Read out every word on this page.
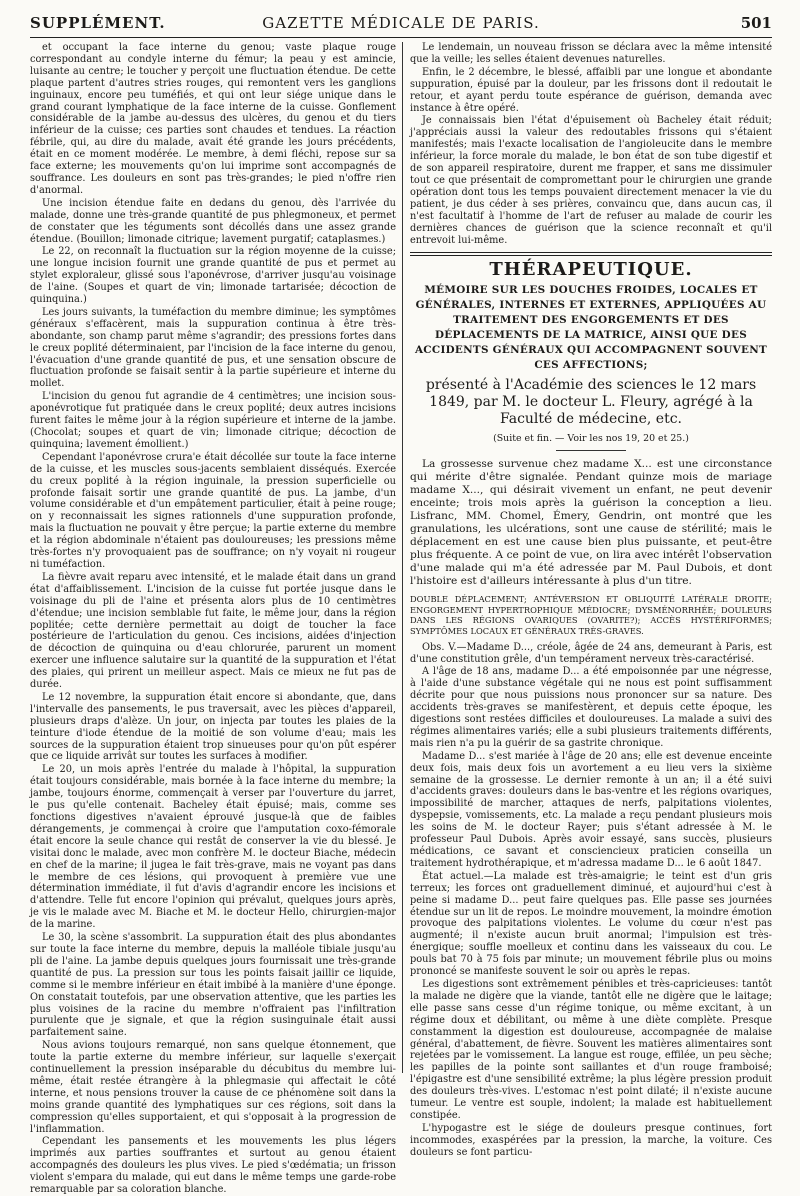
SUPPLÉMENT.	GAZETTE MÉDICALE DE PARIS.	501

et occupant la face interne du genou; vaste plaque rouge correspondant au condyle interne du fémur; la peau y est amincie, luisante au centre; le toucher y perçoit une fluctuation étendue. De cette plaque partent d'autres stries rouges, qui remontent vers les ganglions inguinaux, encore peu tuméfiés, et qui ont leur siége unique dans le grand courant lymphatique de la face interne de la cuisse. Gonflement considérable de la jambe au-dessus des ulcères, du genou et du tiers inférieur de la cuisse; ces parties sont chaudes et tendues. La réaction fébrile, qui, au dire du malade, avait été grande les jours précédents, était en ce moment modérée. Le membre, à demi fléchi, repose sur sa face externe; les mouvements qu'on lui imprime sont accompagnés de souffrance. Les douleurs en sont pas très-grandes; le pied n'offre rien d'anormal.

Une incision étendue faite en dedans du genou, dès l'arrivée du malade, donne une très-grande quantité de pus phlegmoneux, et permet de constater que les téguments sont décollés dans une assez grande étendue. (Bouillon; limonade citrique; lavement purgatif; cataplasmes.)

Le 22, on reconnaît la fluctuation sur la région moyenne de la cuisse; une longue incision fournit une grande quantité de pus et permet au stylet exploraleur, glissé sous l'aponévrose, d'arriver jusqu'au voisinage de l'aine. (Soupes et quart de vin; limonade tartarisée; décoction de quinquina.)

Les jours suivants, la tuméfaction du membre diminue; les symptômes généraux s'effacèrent, mais la suppuration continua à être très-abondante, son champ parut même s'agrandir; des pressions fortes dans le creux poplité déterminaient, par l'incision de la face interne du genou, l'évacuation d'une grande quantité de pus, et une sensation obscure de fluctuation profonde se faisait sentir à la partie supérieure et interne du mollet.

L'incision du genou fut agrandie de 4 centimètres; une incision sous-aponévrotique fut pratiquée dans le creux poplité; deux autres incisions furent faites le même jour à la région supérieure et interne de la jambe. (Chocolat; soupes et quart de vin; limonade citrique; décoction de quinquina; lavement émollient.)

Cependant l'aponévrose crura'e était décollée sur toute la face interne de la cuisse, et les muscles sous-jacents semblaient disséqués. Exercée du creux poplité à la région inguinale, la pression superficielle ou profonde faisait sortir une grande quantité de pus. La jambe, d'un volume considérable et d'un empâtement particulier, était à peine rouge; on y reconnaissait les signes rationnels d'une suppuration profonde, mais la fluctuation ne pouvait y être perçue; la partie externe du membre et la région abdominale n'étaient pas douloureuses; les pressions même très-fortes n'y provoquaient pas de souffrance; on n'y voyait ni rougeur ni tuméfaction.

La fièvre avait reparu avec intensité, et le malade était dans un grand état d'affaiblissement. L'incision de la cuisse fut portée jusque dans le voisinage du pli de l'aine et présenta alors plus de 10 centimètres d'étendue; une incision semblable fut faite, le même jour, dans la région poplitée; cette dernière permettait au doigt de toucher la face postérieure de l'articulation du genou. Ces incisions, aidées d'injection de décoction de quinquina ou d'eau chlorurée, parurent un moment exercer une influence salutaire sur la quantité de la suppuration et l'état des plaies, qui prirent un meilleur aspect. Mais ce mieux ne fut pas de durée.

Le 12 novembre, la suppuration était encore si abondante, que, dans l'intervalle des pansements, le pus traversait, avec les pièces d'appareil, plusieurs draps d'alèze. Un jour, on injecta par toutes les plaies de la teinture d'iode étendue de la moitié de son volume d'eau; mais les sources de la suppuration étaient trop sinueuses pour qu'on pût espérer que ce liquide arrivât sur toutes les surfaces à modifier.

Le 20, un mois après l'entrée du malade à l'hôpital, la suppuration était toujours considérable, mais bornée à la face interne du membre; la jambe, toujours énorme, commençait à verser par l'ouverture du jarret, le pus qu'elle contenait. Bacheley était épuisé; mais, comme ses fonctions digestives n'avaient éprouvé jusque-là que de faibles dérangements, je commençai à croire que l'amputation coxo-fémorale était encore la seule chance qui restât de conserver la vie du blessé. Je visitai donc le malade, avec mon confrère M. le docteur Biache, médecin en chef de la marine; il jugea le fait très-grave, mais ne voyant pas dans le membre de ces lésions, qui provoquent à première vue une détermination immédiate, il fut d'avis d'agrandir encore les incisions et d'attendre. Telle fut encore l'opinion qui prévalut, quelques jours après, je vis le malade avec M. Biache et M. le docteur Hello, chirurgien-major de la marine.

Le 30, la scène s'assombrit. La suppuration était des plus abondantes sur toute la face interne du membre, depuis la malléole tibiale jusqu'au pli de l'aine. La jambe depuis quelques jours fournissait une très-grande quantité de pus. La pression sur tous les points faisait jaillir ce liquide, comme si le membre inférieur en était imbibé à la manière d'une éponge. On constatait toutefois, par une observation attentive, que les parties les plus voisines de la racine du membre n'offraient pas l'infiltration purulente que je signale, et que la région susinguinale était aussi parfaitement saine.

Nous avions toujours remarqué, non sans quelque étonnement, que toute la partie externe du membre inférieur, sur laquelle s'exerçait continuellement la pression inséparable du décubitus du membre lui-même, était restée étrangère à la phlegmasie qui affectait le côté interne, et nous pensions trouver la cause de ce phénomène soit dans la moins grande quantité des lymphatiques sur ces régions, soit dans la compression qu'elles supportaient, et qui s'opposait à la progression de l'inflammation.

Cependant les pansements et les mouvements les plus légers imprimés aux parties souffrantes et surtout au genou étaient accompagnés des douleurs les plus vives. Le pied s'œdématia; un frisson violent s'empara du malade, qui eut dans le même temps une garde-robe remarquable par sa coloration blanche.

Le lendemain, un nouveau frisson se déclara avec la même intensité que la veille; les selles étaient devenues naturelles.

Enfin, le 2 décembre, le blessé, affaibli par une longue et abondante suppuration, épuisé par la douleur, par les frissons dont il redoutait le retour, et ayant perdu toute espérance de guérison, demanda avec instance à être opéré.

Je connaissais bien l'état d'épuisement où Bacheley était réduit; j'appréciais aussi la valeur des redoutables frissons qui s'étaient manifestés; mais l'exacte localisation de l'angioleucite dans le membre inférieur, la force morale du malade, le bon état de son tube digestif et de son appareil respiratoire, durent me frapper, et sans me dissimuler tout ce que présentait de compromettant pour le chirurgien une grande opération dont tous les temps pouvaient directement menacer la vie du patient, je dus céder à ses prières, convaincu que, dans aucun cas, il n'est facultatif à l'homme de l'art de refuser au malade de courir les dernières chances de guérison que la science reconnaît et qu'il entrevoit lui-même.

THÉRAPEUTIQUE.
MÉMOIRE SUR LES DOUCHES FROIDES, LOCALES ET GÉNÉRALES, INTERNES ET EXTERNES, APPLIQUÉES AU TRAITEMENT DES ENGORGEMENTS ET DES DÉPLACEMENTS DE LA MATRICE, AINSI QUE DES ACCIDENTS GÉNÉRAUX QUI ACCOMPAGNENT SOUVENT CES AFFECTIONS;
présenté à l'Académie des sciences le 12 mars 1849, par M. le docteur L. Fleury, agrégé à la Faculté de médecine, etc.
(Suite et fin. — Voir les nos 19, 20 et 25.)

La grossesse survenue chez madame X... est une circonstance qui mérite d'être signalée. Pendant quinze mois de mariage madame X..., qui désirait vivement un enfant, ne peut devenir enceinte; trois mois après la guérison la conception a lieu. Lisfranc, MM. Chomel, Émery, Gendrin, ont montré que les granulations, les ulcérations, sont une cause de stérilité; mais le déplacement en est une cause bien plus puissante, et peut-être plus fréquente. A ce point de vue, on lira avec intérêt l'observation d'une malade qui m'a été adressée par M. Paul Dubois, et dont l'histoire est d'ailleurs intéressante à plus d'un titre.

DOUBLE DÉPLACEMENT; ANTÉVERSION ET OBLIQUITÉ LATÉRALE DROITE; ENGORGEMENT HYPERTROPHIQUE MÉDIOCRE; DYSMÉNORRHÉE; DOULEURS DANS LES RÉGIONS OVARIQUES (OVARITE?); ACCÈS HYSTÉRIFORMES; SYMPTÔMES LOCAUX ET GÉNÉRAUX TRÈS-GRAVES.

Obs. V.—Madame D..., créole, âgée de 24 ans, demeurant à Paris, est d'une constitution grêle, d'un tempérament nerveux très-caractérisé.

A l'âge de 18 ans, madame D... a été empoisonnée par une négresse, à l'aide d'une substance végétale qui ne nous est point suffisamment décrite pour que nous puissions nous prononcer sur sa nature. Des accidents très-graves se manifestèrent, et depuis cette époque, les digestions sont restées difficiles et douloureuses. La malade a suivi des régimes alimentaires variés; elle a subi plusieurs traitements différents, mais rien n'a pu la guérir de sa gastrite chronique.

Madame D... s'est mariée à l'âge de 20 ans; elle est devenue enceinte deux fois, mais deux fois un avortement a eu lieu vers la sixième semaine de la grossesse. Le dernier remonte à un an; il a été suivi d'accidents graves: douleurs dans le bas-ventre et les régions ovariques, impossibilité de marcher, attaques de nerfs, palpitations violentes, dyspepsie, vomissements, etc. La malade a reçu pendant plusieurs mois les soins de M. le docteur Rayer; puis s'étant adressée à M. le professeur Paul Dubois. Après avoir essayé, sans succès, plusieurs médications, ce savant et consciencieux praticien conseilla un traitement hydrothérapique, et m'adressa madame D... le 6 août 1847.

État actuel.—La malade est très-amaigrie; le teint est d'un gris terreux; les forces ont graduellement diminué, et aujourd'hui c'est à peine si madame D... peut faire quelques pas. Elle passe ses journées étendue sur un lit de repos. Le moindre mouvement, la moindre émotion provoque des palpitations violentes. Le volume du cœur n'est pas augmenté; il n'existe aucun bruit anormal; l'impulsion est très-énergique; souffle moelleux et continu dans les vaisseaux du cou. Le pouls bat 70 à 75 fois par minute; un mouvement fébrile plus ou moins prononcé se manifeste souvent le soir ou après le repas.

Les digestions sont extrêmement pénibles et très-capricieuses: tantôt la malade ne digère que la viande, tantôt elle ne digère que le laitage; elle passe sans cesse d'un régime tonique, ou même excitant, à un régime doux et débilitant, ou même à une diète complète. Presque constamment la digestion est douloureuse, accompagnée de malaise général, d'abattement, de fièvre. Souvent les matières alimentaires sont rejetées par le vomissement. La langue est rouge, effilée, un peu sèche; les papilles de la pointe sont saillantes et d'un rouge framboisé; l'épigastre est d'une sensibilité extrême; la plus légère pression produit des douleurs très-vives. L'estomac n'est point dilaté; il n'existe aucune tumeur. Le ventre est souple, indolent; la malade est habituellement constipée.

L'hypogastre est le siége de douleurs presque continues, fort incommodes, exaspérées par la pression, la marche, la voiture. Ces douleurs se font particu-
